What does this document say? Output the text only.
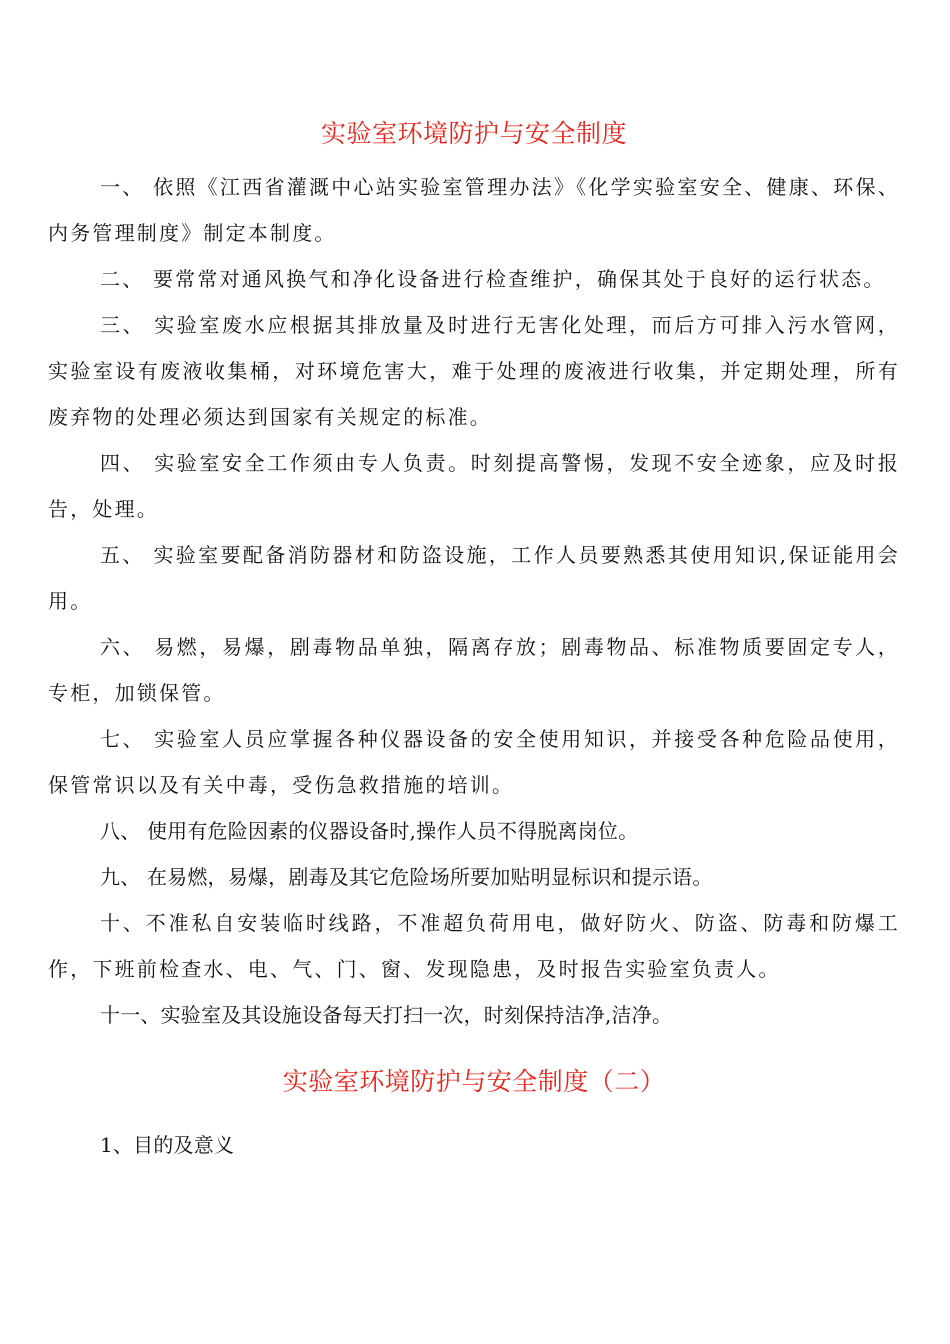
实验室环境防护与安全制度

一、 依照《江西省灌溉中心站实验室管理办法》《化学实验室安全、健康、环保、内务管理制度》制定本制度。

二、 要常常对通风换气和净化设备进行检查维护，确保其处于良好的运行状态。

三、 实验室废水应根据其排放量及时进行无害化处理，而后方可排入污水管网，实验室设有废液收集桶，对环境危害大，难于处理的废液进行收集，并定期处理，所有废弃物的处理必须达到国家有关规定的标准。

四、 实验室安全工作须由专人负责。时刻提高警惕，发现不安全迹象，应及时报告，处理。

五、 实验室要配备消防器材和防盗设施，工作人员要熟悉其使用知识,保证能用会用。

六、 易燃，易爆，剧毒物品单独，隔离存放；剧毒物品、标准物质要固定专人，专柜，加锁保管。

七、 实验室人员应掌握各种仪器设备的安全使用知识，并接受各种危险品使用，保管常识以及有关中毒，受伤急救措施的培训。

八、 使用有危险因素的仪器设备时,操作人员不得脱离岗位。

九、 在易燃，易爆，剧毒及其它危险场所要加贴明显标识和提示语。

十、不准私自安装临时线路，不准超负荷用电，做好防火、防盗、防毒和防爆工作，下班前检查水、电、气、门、窗、发现隐患，及时报告实验室负责人。

十一、实验室及其设施设备每天打扫一次，时刻保持洁净,洁净。

实验室环境防护与安全制度（二）

1、目的及意义
